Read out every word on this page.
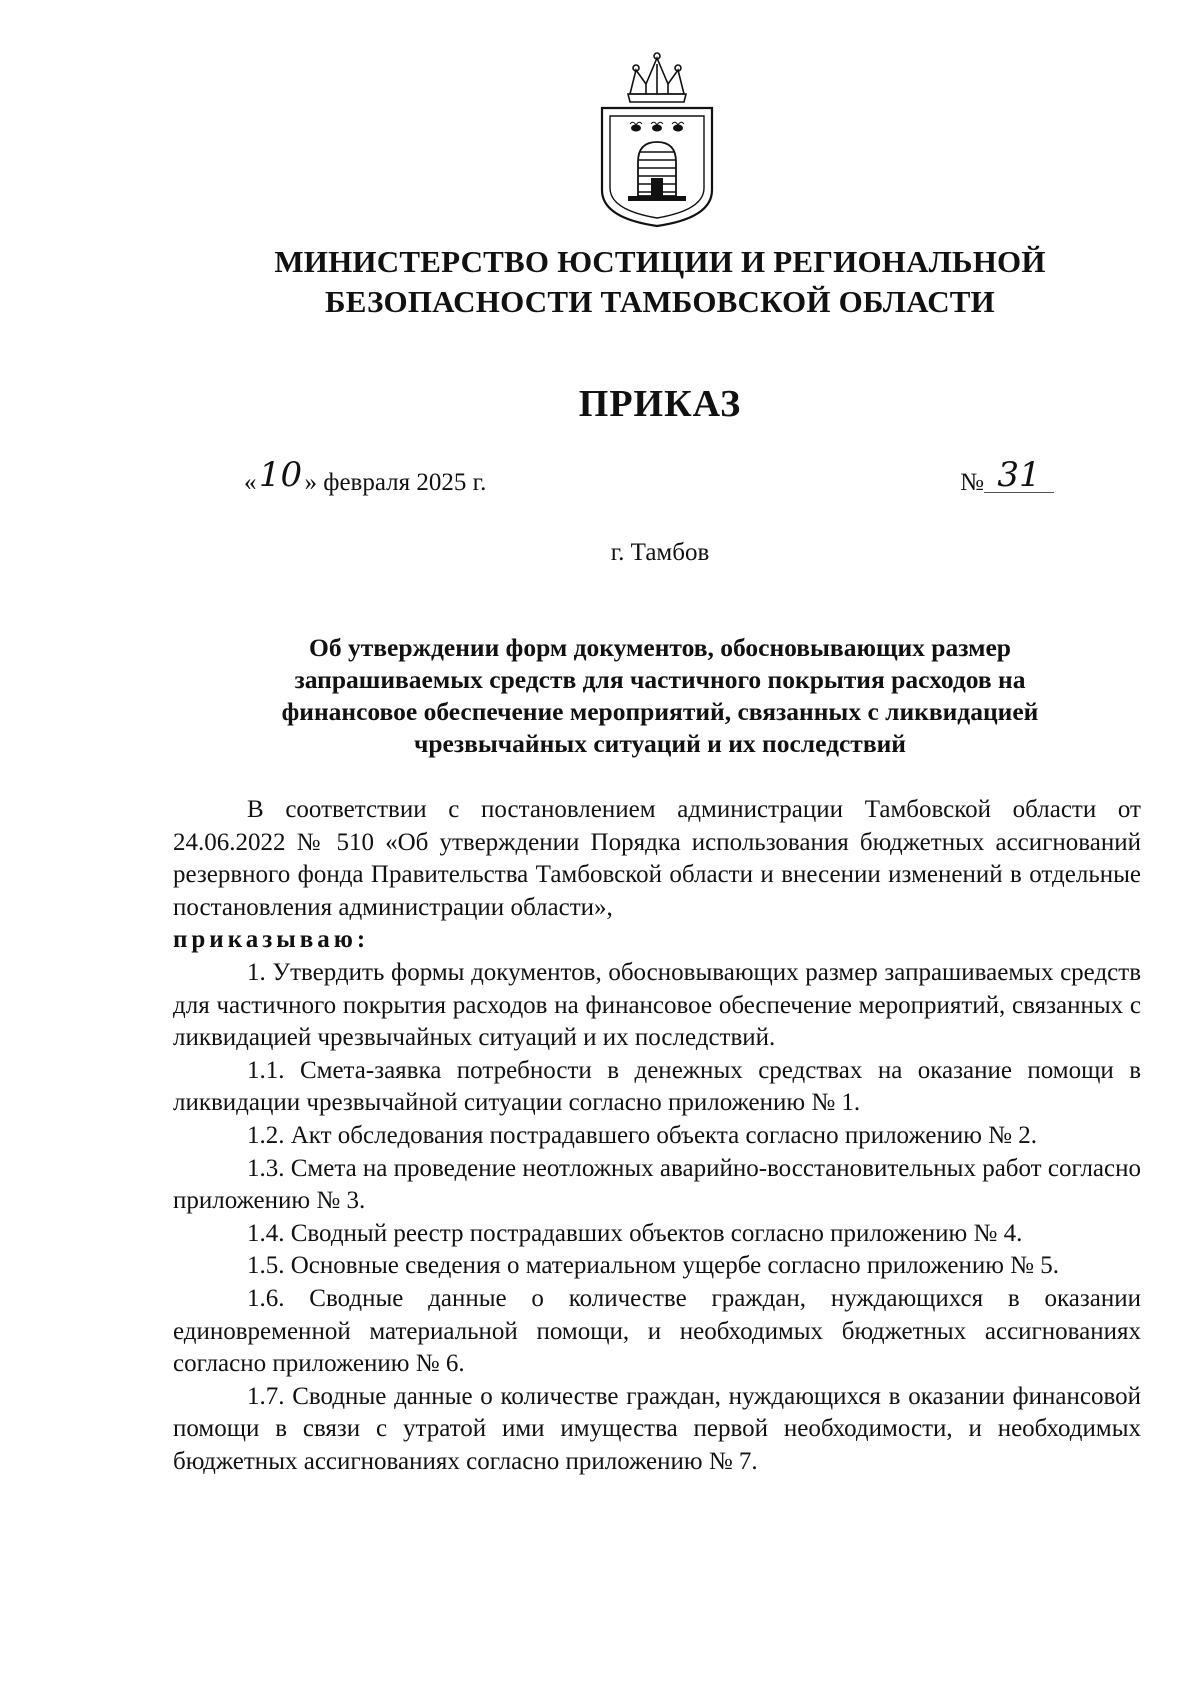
МИНИСТЕРСТВО ЮСТИЦИИ И РЕГИОНАЛЬНОЙ
БЕЗОПАСНОСТИ ТАМБОВСКОЙ ОБЛАСТИ
ПРИКАЗ
«10» февраля 2025 г.	№ 31
г. Тамбов
Об утверждении форм документов, обосновывающих размер
запрашиваемых средств для частичного покрытия расходов на
финансовое обеспечение мероприятий, связанных с ликвидацией
чрезвычайных ситуаций и их последствий

В соответствии с постановлением администрации Тамбовской области от 24.06.2022 № 510 «Об утверждении Порядка использования бюджетных ассигнований резервного фонда Правительства Тамбовской области и внесении изменений в отдельные постановления администрации области»,

приказываю:

1. Утвердить формы документов, обосновывающих размер запрашиваемых средств для частичного покрытия расходов на финансовое обеспечение мероприятий, связанных с ликвидацией чрезвычайных ситуаций и их последствий.

1.1. Смета-заявка потребности в денежных средствах на оказание помощи в ликвидации чрезвычайной ситуации согласно приложению № 1.

1.2. Акт обследования пострадавшего объекта согласно приложению № 2.

1.3. Смета на проведение неотложных аварийно-восстановительных работ согласно приложению № 3.

1.4. Сводный реестр пострадавших объектов согласно приложению № 4.

1.5. Основные сведения о материальном ущербе согласно приложению № 5.

1.6. Сводные данные о количестве граждан, нуждающихся в оказании единовременной материальной помощи, и необходимых бюджетных ассигнованиях согласно приложению № 6.

1.7. Сводные данные о количестве граждан, нуждающихся в оказании финансовой помощи в связи с утратой ими имущества первой необходимости, и необходимых бюджетных ассигнованиях согласно приложению № 7.
